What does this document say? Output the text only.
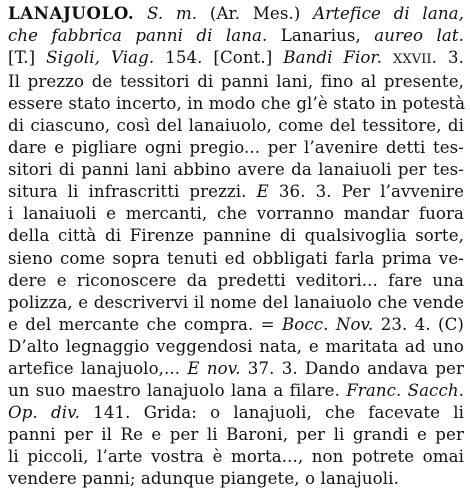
LANAJUOLO. S. m. (Ar. Mes.) Artefice di lana,
che fabbrica panni di lana. Lanarius, aureo lat.
[T.] Sigoli, Viag. 154. [Cont.] Bandi Fior. XXVII. 3.
Il prezzo de tessitori di panni lani, fino al presente,
essere stato incerto, in modo che gl’è stato in potestà
di ciascuno, così del lanaiuolo, come del tessitore, di
dare e pigliare ogni pregio... per l’avenire detti tes-
sitori di panni lani abbino avere da lanaiuoli per tes-
situra li infrascritti prezzi. E 36. 3. Per l’avvenire
i lanaiuoli e mercanti, che vorranno mandar fuora
della città di Firenze pannine di qualsivoglia sorte,
sieno come sopra tenuti ed obbligati farla prima ve-
dere e riconoscere da predetti veditori... fare una
polizza, e descrivervi il nome del lanaiuolo che vende
e del mercante che compra. = Bocc. Nov. 23. 4. (C)
D’alto legnaggio veggendosi nata, e maritata ad uno
artefice lanajuolo,... E nov. 37. 3. Dando andava per
un suo maestro lanajuolo lana a filare. Franc. Sacch.
Op. div. 141. Grida: o lanajuoli, che facevate li
panni per il Re e per li Baroni, per li grandi e per
li piccoli, l’arte vostra è morta..., non potrete omai
vendere panni; adunque piangete, o lanajuoli.
